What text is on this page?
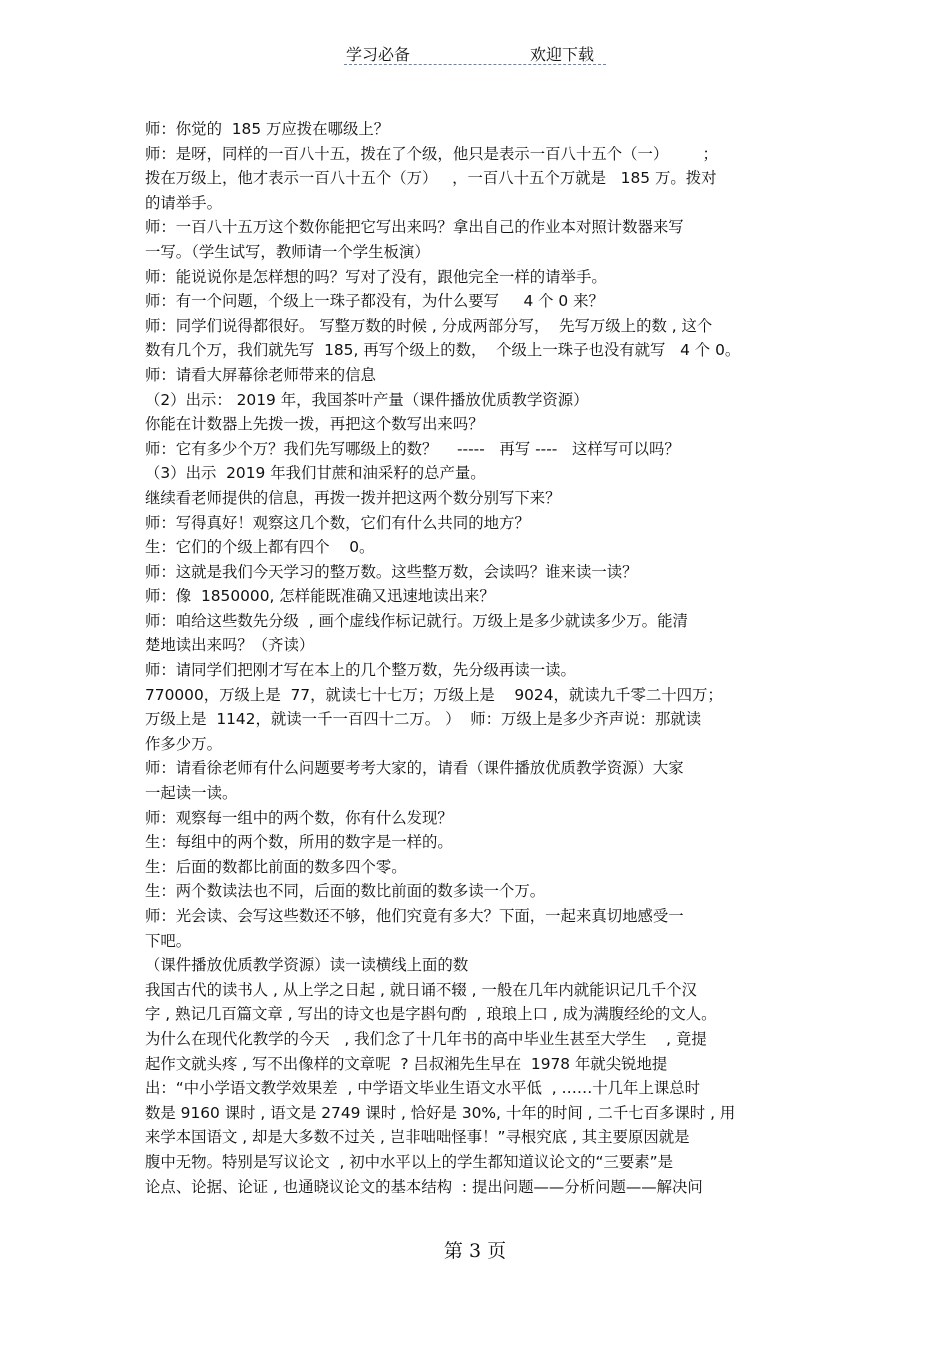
学习必备	欢迎下载
师：你觉的  185 万应拨在哪级上？
师：是呀，同样的一百八十五，拨在了个级，他只是表示一百八十五个（一）       ；
拨在万级上，他才表示一百八十五个（万）   ，一百八十五个万就是   185 万。拨对
的请举手。
师：一百八十五万这个数你能把它写出来吗？拿出自己的作业本对照计数器来写
一写。（学生试写，教师请一个学生板演）
师：能说说你是怎样想的吗？写对了没有，跟他完全一样的请举手。
师：有一个问题，个级上一珠子都没有，为什么要写     4 个 0 来？
师：同学们说得都很好。 写整万数的时候 , 分成两部分写，  先写万级上的数 , 这个
数有几个万，我们就先写  185, 再写个级上的数，  个级上一珠子也没有就写   4 个 0。
师：请看大屏幕徐老师带来的信息
（2）出示： 2019 年，我国茶叶产量（课件播放优质教学资源）
你能在计数器上先拨一拨，再把这个数写出来吗？
师：它有多少个万？我们先写哪级上的数？    -----   再写 ----   这样写可以吗？
（3）出示  2019 年我们甘蔗和油采籽的总产量。
继续看老师提供的信息，再拨一拨并把这两个数分别写下来？
师：写得真好！观察这几个数，它们有什么共同的地方？
生：它们的个级上都有四个    0。
师：这就是我们今天学习的整万数。这些整万数，会读吗？谁来读一读？
师：像  1850000, 怎样能既准确又迅速地读出来？
师：咱给这些数先分级  , 画个虚线作标记就行。万级上是多少就读多少万。能清
楚地读出来吗？（齐读）
师：请同学们把刚才写在本上的几个整万数，先分级再读一读。
770000，万级上是  77，就读七十七万；万级上是    9024，就读九千零二十四万；
万级上是  1142，就读一千一百四十二万。 ）  师：万级上是多少齐声说：那就读
作多少万。
师：请看徐老师有什么问题要考考大家的，请看（课件播放优质教学资源）大家
一起读一读。
师：观察每一组中的两个数，你有什么发现？
生：每组中的两个数，所用的数字是一样的。
生：后面的数都比前面的数多四个零。
生：两个数读法也不同，后面的数比前面的数多读一个万。
师：光会读、会写这些数还不够，他们究竟有多大？下面，一起来真切地感受一
下吧。
（课件播放优质教学资源）读一读横线上面的数
我国古代的读书人 , 从上学之日起 , 就日诵不辍 , 一般在几年内就能识记几千个汉
字 , 熟记几百篇文章 , 写出的诗文也是字斟句酌  , 琅琅上口 , 成为满腹经纶的文人。
为什么在现代化教学的今天   , 我们念了十几年书的高中毕业生甚至大学生    , 竟提
起作文就头疼 , 写不出像样的文章呢  ? 吕叔湘先生早在  1978 年就尖锐地提
出：“中小学语文教学效果差  , 中学语文毕业生语文水平低  , ……十几年上课总时
数是 9160 课时 , 语文是 2749 课时 , 恰好是 30%, 十年的时间 , 二千七百多课时 , 用
来学本国语文 , 却是大多数不过关 , 岂非咄咄怪事！”寻根究底 , 其主要原因就是
腹中无物。特别是写议论文  , 初中水平以上的学生都知道议论文的“三要素”是
论点、论据、论证 , 也通晓议论文的基本结构  : 提出问题——分析问题——解决问
第 3 页
